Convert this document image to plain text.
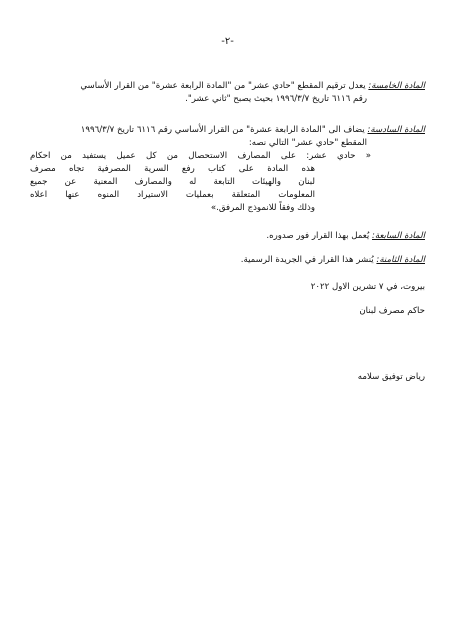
-٢-
المادة الخامسة: يعدل ترقيم المقطع "حادي عشر" من "المادة الرابعة عشرة" من القرار الأساسي
رقم ٦١١٦ تاريخ ١٩٩٦/٣/٧ بحيث يصبح "ثاني عشر".
المادة السادسة: يضاف الى "المادة الرابعة عشرة" من القرار الأساسي رقم ٦١١٦ تاريخ ١٩٩٦/٣/٧
المقطع "حادي عشر" التالي نصه:
« حادي عشر: على المصارف الاستحصال من كل عميل يستفيد من احكام
هذه المادة على كتاب رفع السرية المصرفية تجاه مصرف
لبنان والهيئات التابعة له والمصارف المعنية عن جميع
المعلومات المتعلقة بعمليات الاستيراد المنوه عنها اعلاه
وذلك وفقاً للانموذج المرفق.»
المادة السابعة: يُعمل بهذا القرار فور صدوره.
المادة الثامنة: يُنشر هذا القرار في الجريدة الرسمية.
بيروت، في ٧ تشرين الاول ٢٠٢٢
حاكم مصرف لبنان
رياض توفيق سلامه
